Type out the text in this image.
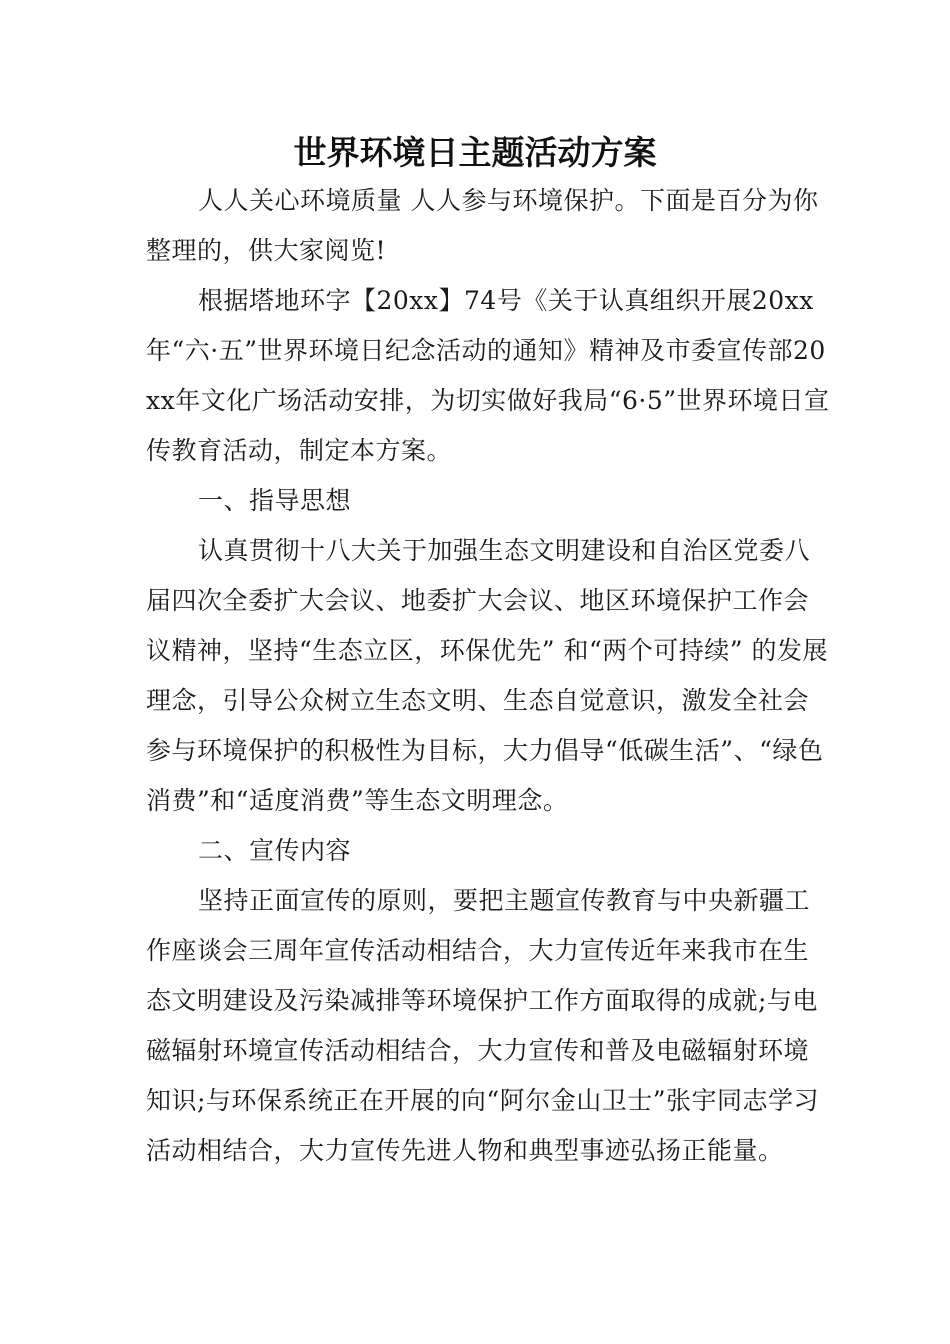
世界环境日主题活动方案

人人关心环境质量 人人参与环境保护。下面是百分为你整理的，供大家阅览!

根据塔地环字【20xx】74号《关于认真组织开展20xx年“六·五”世界环境日纪念活动的通知》精神及市委宣传部20xx年文化广场活动安排，为切实做好我局“6·5”世界环境日宣传教育活动，制定本方案。

一、指导思想

认真贯彻十八大关于加强生态文明建设和自治区党委八届四次全委扩大会议、地委扩大会议、地区环境保护工作会议精神，坚持“生态立区，环保优先” 和“两个可持续” 的发展理念，引导公众树立生态文明、生态自觉意识，激发全社会参与环境保护的积极性为目标，大力倡导“低碳生活”、“绿色消费”和“适度消费”等生态文明理念。

二、宣传内容

坚持正面宣传的原则，要把主题宣传教育与中央新疆工作座谈会三周年宣传活动相结合，大力宣传近年来我市在生态文明建设及污染减排等环境保护工作方面取得的成就;与电磁辐射环境宣传活动相结合，大力宣传和普及电磁辐射环境知识;与环保系统正在开展的向“阿尔金山卫士”张宇同志学习活动相结合，大力宣传先进人物和典型事迹弘扬正能量。
